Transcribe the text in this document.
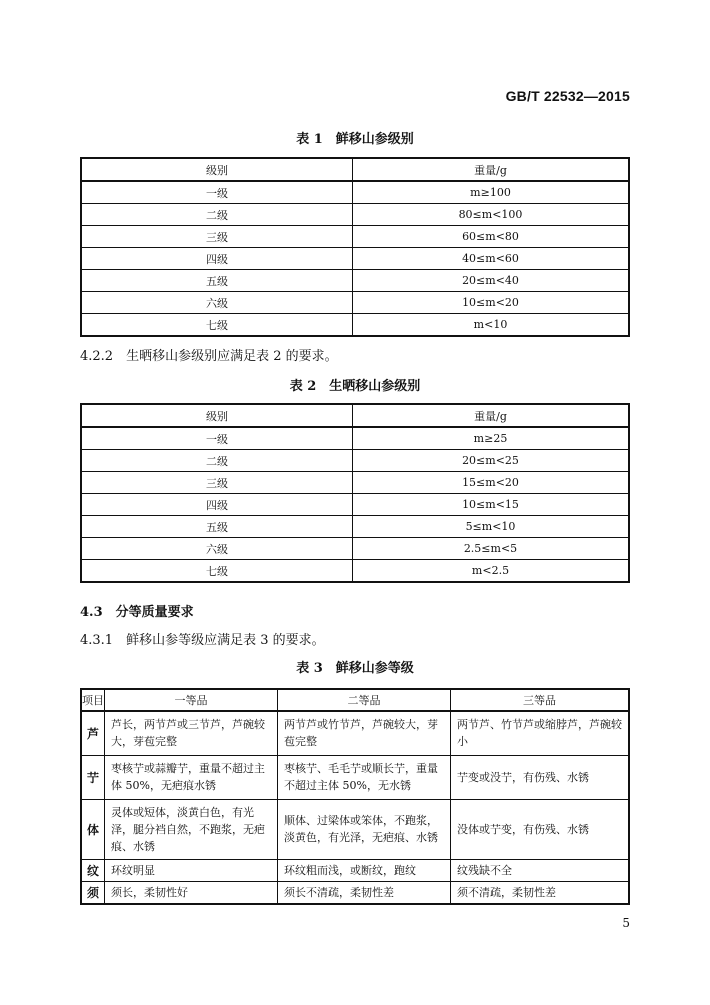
GB/T 22532—2015
表 1　鲜移山参级别
级别	重量/g
一级	m≥100
二级	80≤m<100
三级	60≤m<80
四级	40≤m<60
五级	20≤m<40
六级	10≤m<20
七级	m<10
4.2.2　生晒移山参级别应满足表 2 的要求。
表 2　生晒移山参级别
级别	重量/g
一级	m≥25
二级	20≤m<25
三级	15≤m<20
四级	10≤m<15
五级	5≤m<10
六级	2.5≤m<5
七级	m<2.5
4.3　分等质量要求
4.3.1　鲜移山参等级应满足表 3 的要求。
表 3　鲜移山参等级
项目	一等品	二等品	三等品
芦	芦长，两节芦或三节芦，芦碗较大，芽苞完整	两节芦或竹节芦，芦碗较大，芽苞完整	两节芦、竹节芦或缩脖芦，芦碗较小
艼	枣核艼或蒜瓣艼，重量不超过主体 50%，无疤痕水锈	枣核艼、毛毛艼或顺长艼，重量不超过主体 50%，无水锈	艼变或没艼，有伤残、水锈
体	灵体或短体，淡黄白色，有光泽，腿分裆自然，不跑浆，无疤痕、水锈	顺体、过梁体或笨体，不跑浆，淡黄色，有光泽，无疤痕、水锈	没体或艼变，有伤残、水锈
纹	环纹明显	环纹粗而浅，或断纹，跑纹	纹残缺不全
须	须长，柔韧性好	须长不清疏，柔韧性差	须不清疏，柔韧性差
5
